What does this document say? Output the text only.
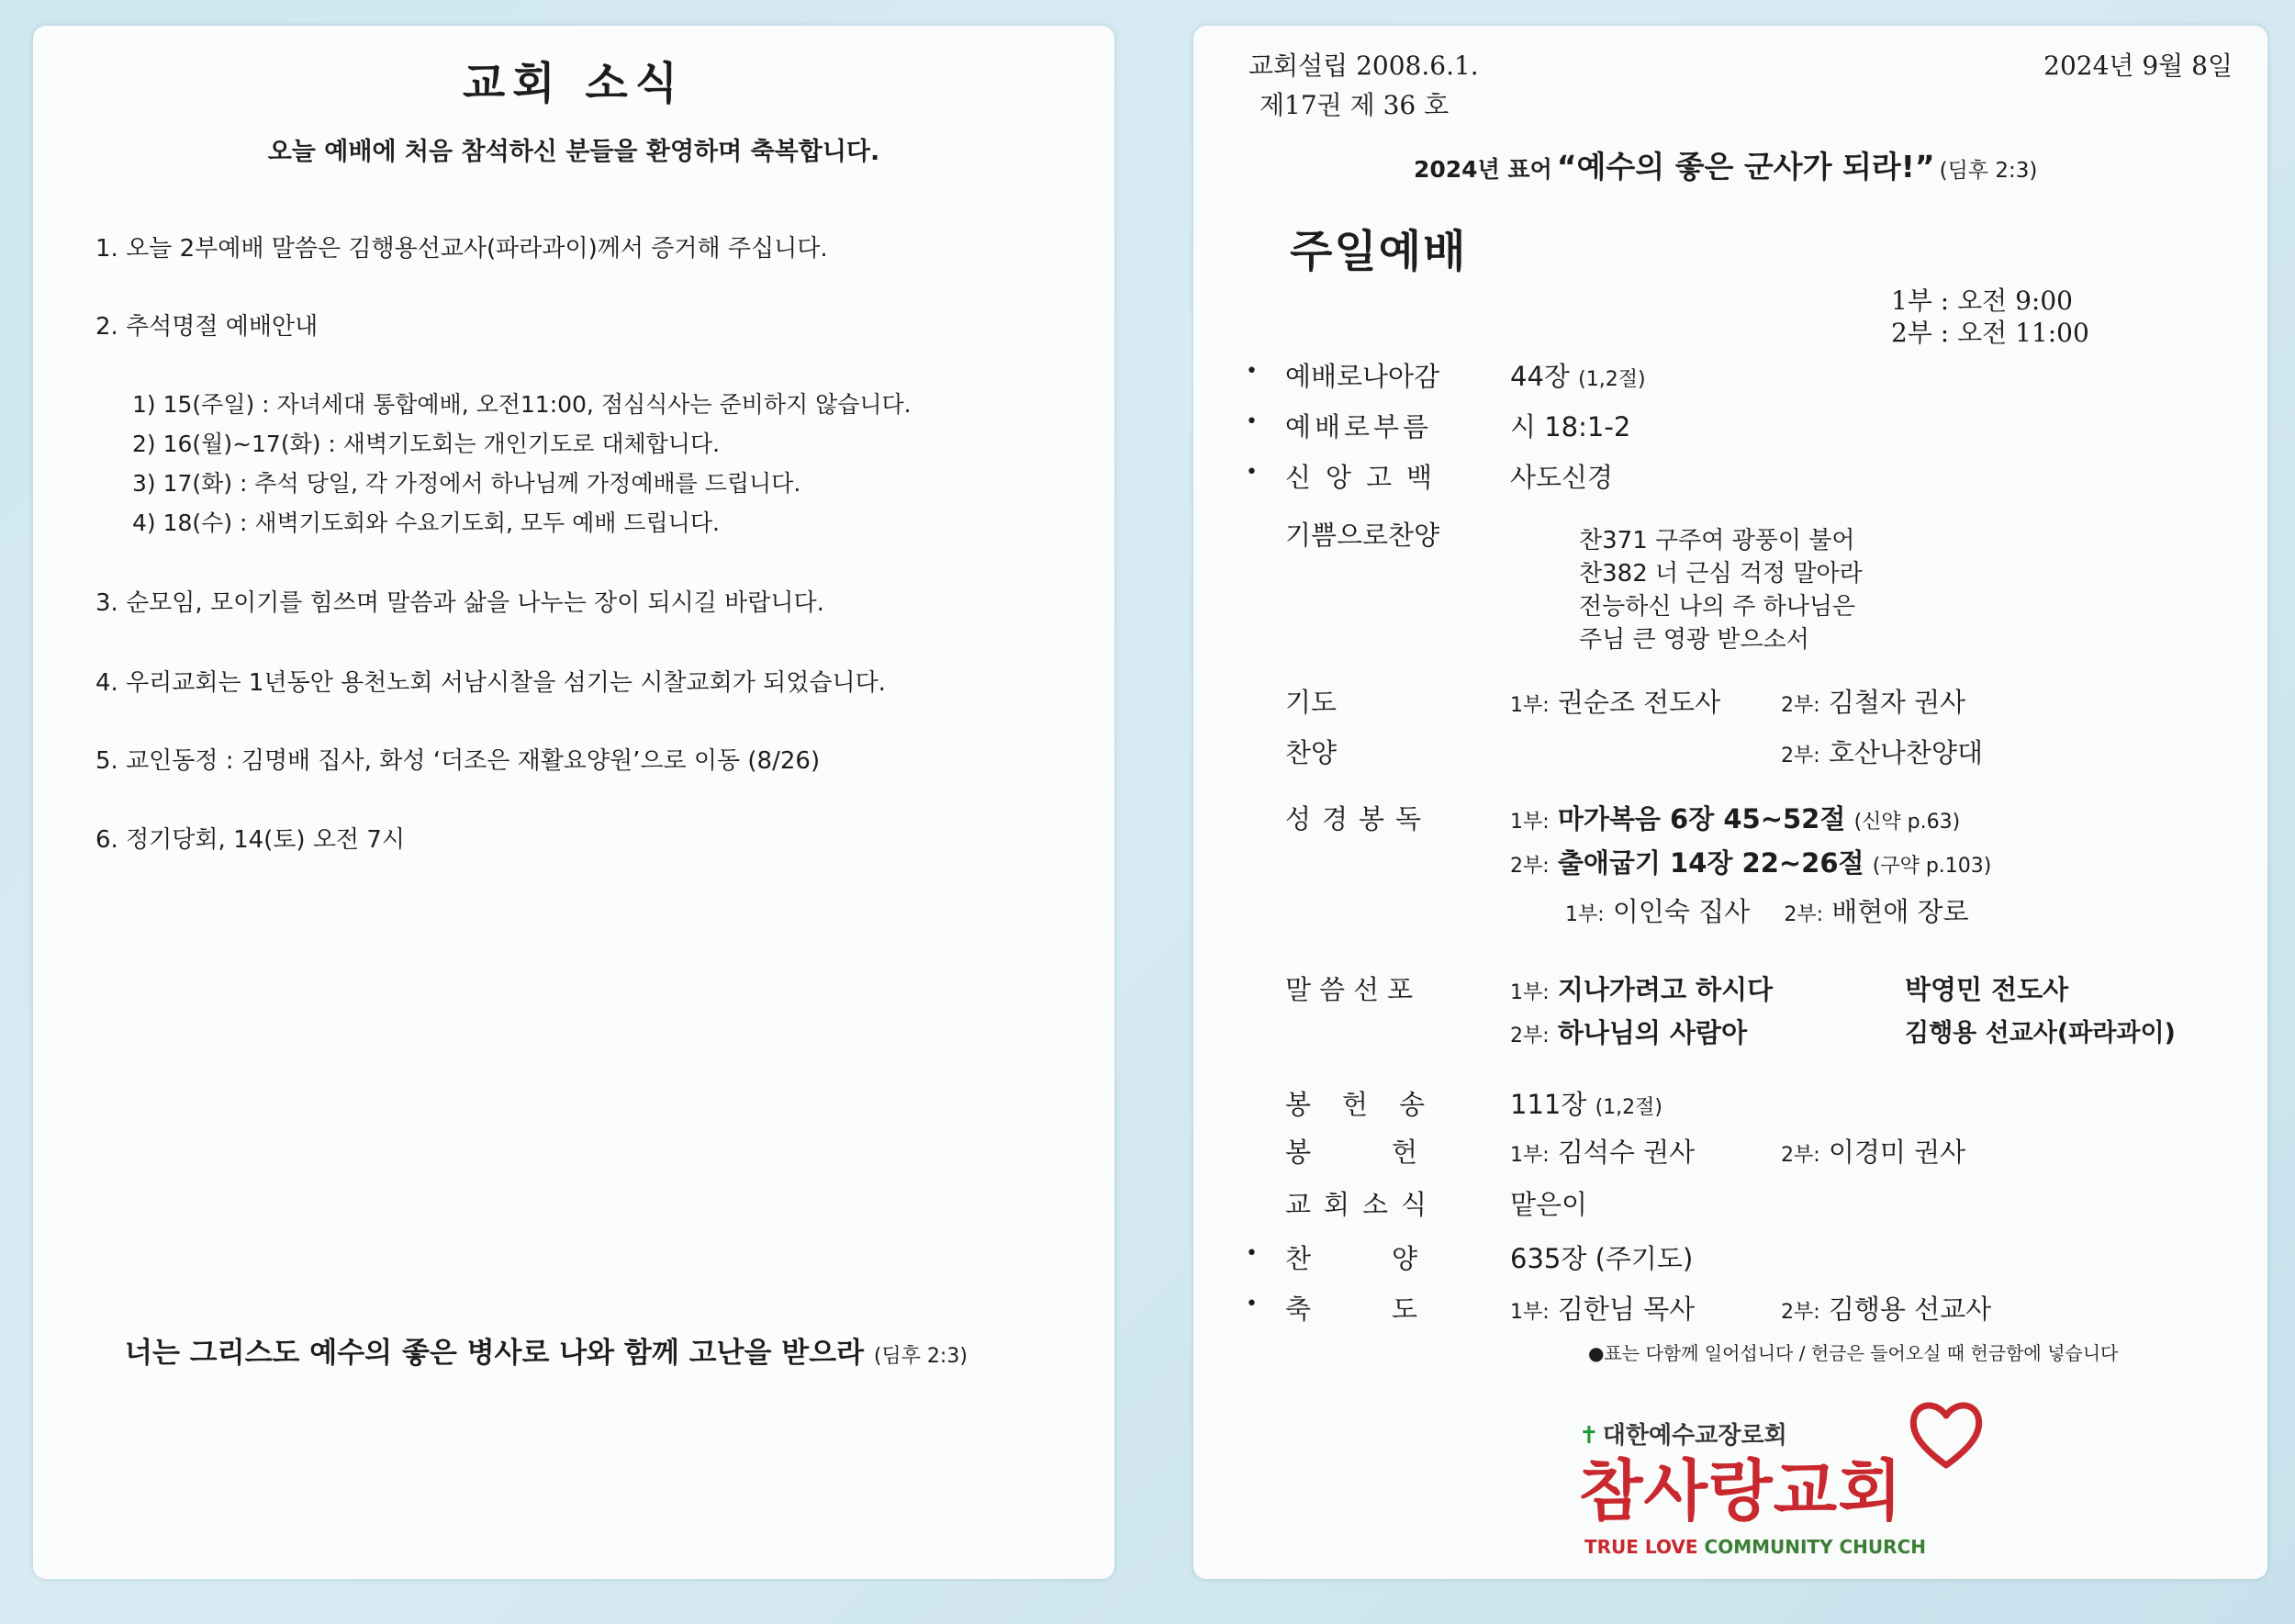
교회 소식
오늘 예배에 처음 참석하신 분들을 환영하며 축복합니다.
1. 오늘 2부예배 말씀은 김행용선교사(파라과이)께서 증거해 주십니다.
2. 추석명절 예배안내
1) 15(주일) : 자녀세대 통합예배, 오전11:00, 점심식사는 준비하지 않습니다.
2) 16(월)~17(화) : 새벽기도회는 개인기도로 대체합니다.
3) 17(화) : 추석 당일, 각 가정에서 하나님께 가정예배를 드립니다.
4) 18(수) : 새벽기도회와 수요기도회, 모두 예배 드립니다.
3. 순모임, 모이기를 힘쓰며 말씀과 삶을 나누는 장이 되시길 바랍니다.
4. 우리교회는 1년동안 용천노회 서남시찰을 섬기는 시찰교회가 되었습니다.
5. 교인동정 : 김명배 집사, 화성 ‘더조은 재활요양원’으로 이동 (8/26)
6. 정기당회, 14(토) 오전 7시
너는 그리스도 예수의 좋은 병사로 나와 함께 고난을 받으라 (딤후 2:3)
교회설립 2008.6.1.
제17권 제 36 호
2024년 9월 8일
2024년 표어 “예수의 좋은 군사가 되라!” (딤후 2:3)
주일예배
1부 : 오전 9:00
2부 : 오전 11:00
• 예배로나아감	44장 (1,2절)
• 예배로부름	시 18:1-2
• 신앙고백 사도신경
기쁨으로찬양	찬371 구주여 광풍이 불어
찬382 너 근심 걱정 말아라
전능하신 나의 주 하나님은
주님 큰 영광 받으소서
기도	1부: 권순조 전도사	2부: 김철자 권사
찬양	2부: 호산나찬양대
성경봉독	1부: 마가복음 6장 45~52절 (신약 p.63)
2부: 출애굽기 14장 22~26절 (구약 p.103)
1부: 이인숙 집사 2부: 배현애 장로
말씀선포	1부: 지나가려고 하시다	박영민 전도사
2부: 하나님의 사람아	김행용 선교사(파라과이)
봉헌송 111장 (1,2절)
봉헌 1부: 김석수 권사	2부: 이경미 권사
교회소식	맡은이
• 찬양 635장 (주기도)
• 축도 1부: 김한님 목사	2부: 김행용 선교사
●표는 다함께 일어섭니다 / 헌금은 들어오실 때 헌금함에 넣습니다
✝ 대한예수교장로회
참사랑교회
TRUE LOVE COMMUNITY CHURCH
